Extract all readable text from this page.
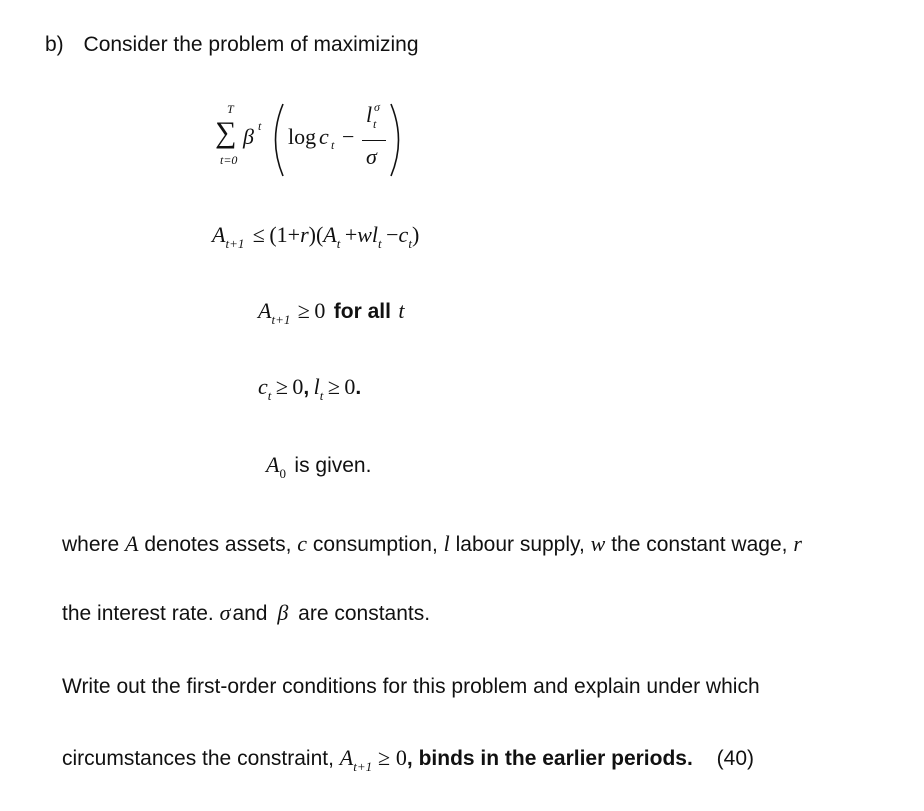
b) Consider the problem of maximizing
T
∑
t=0
β t log c t −
l σ
t
σ
$A_{t+1} \le (1+r)(A_t +wl_t -c_t)$
$A_{t+1} \ge 0$ for all t
$c_t \ge 0$, $l_t \ge 0$.
$A_0$ is given.
where A denotes assets, c consumption, l labour supply, w the constant wage, r
the interest rate. σand β are constants.
Write out the first-order conditions for this problem and explain under which
circumstances the constraint, $A_{t+1} \ge 0$, binds in the earlier periods. (40)
